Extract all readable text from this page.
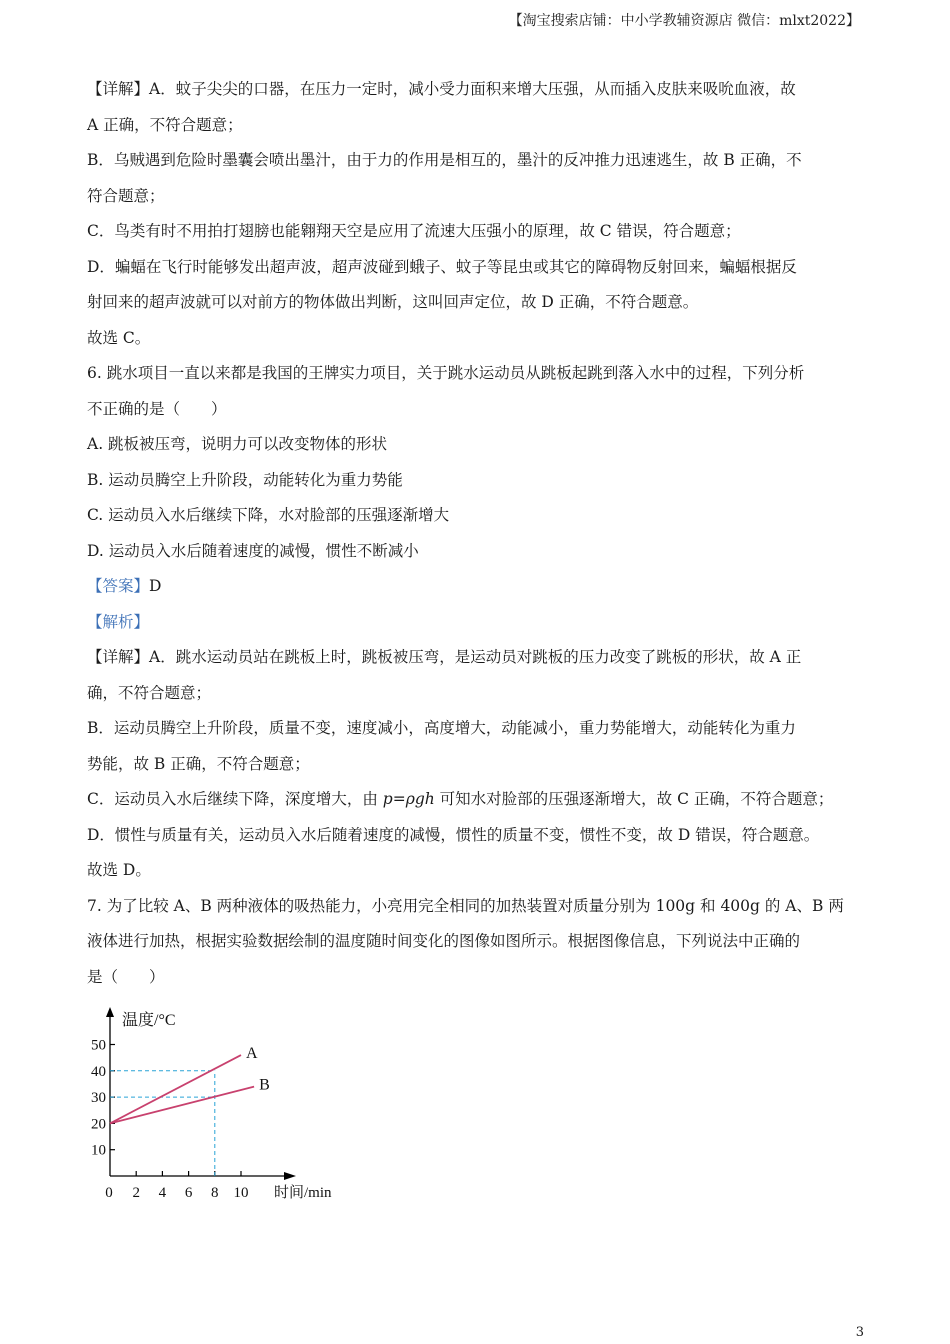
【淘宝搜索店铺：中小学教辅资源店 微信：mlxt2022】
【详解】A．蚊子尖尖的口器，在压力一定时，减小受力面积来增大压强，从而插入皮肤来吸吮血液，故
A 正确，不符合题意；
B．乌贼遇到危险时墨囊会喷出墨汁，由于力的作用是相互的，墨汁的反冲推力迅速逃生，故 B 正确，不
符合题意；
C．鸟类有时不用拍打翅膀也能翱翔天空是应用了流速大压强小的原理，故 C 错误，符合题意；
D．蝙蝠在飞行时能够发出超声波，超声波碰到蛾子、蚊子等昆虫或其它的障碍物反射回来，蝙蝠根据反
射回来的超声波就可以对前方的物体做出判断，这叫回声定位，故 D 正确，不符合题意。
故选 C。
6. 跳水项目一直以来都是我国的王牌实力项目，关于跳水运动员从跳板起跳到落入水中的过程，下列分析
不正确的是（　　）
A. 跳板被压弯，说明力可以改变物体的形状
B. 运动员腾空上升阶段，动能转化为重力势能
C. 运动员入水后继续下降，水对脸部的压强逐渐增大
D. 运动员入水后随着速度的减慢，惯性不断减小
【答案】D
【解析】
【详解】A．跳水运动员站在跳板上时，跳板被压弯，是运动员对跳板的压力改变了跳板的形状，故 A 正
确，不符合题意；
B．运动员腾空上升阶段，质量不变，速度减小，高度增大，动能减小，重力势能增大，动能转化为重力
势能，故 B 正确，不符合题意；
C．运动员入水后继续下降，深度增大，由 p=ρgh 可知水对脸部的压强逐渐增大，故 C 正确，不符合题意；
D．惯性与质量有关，运动员入水后随着速度的减慢，惯性的质量不变，惯性不变，故 D 错误，符合题意。
故选 D。
7. 为了比较 A、B 两种液体的吸热能力，小亮用完全相同的加热装置对质量分别为 100g 和 400g 的 A、B 两
液体进行加热，根据实验数据绘制的温度随时间变化的图像如图所示。根据图像信息，下列说法中正确的
是（　　）
10
20
30
40
50
0 2 4 6 8 10
A
B
温度/°C
时间/min
3
